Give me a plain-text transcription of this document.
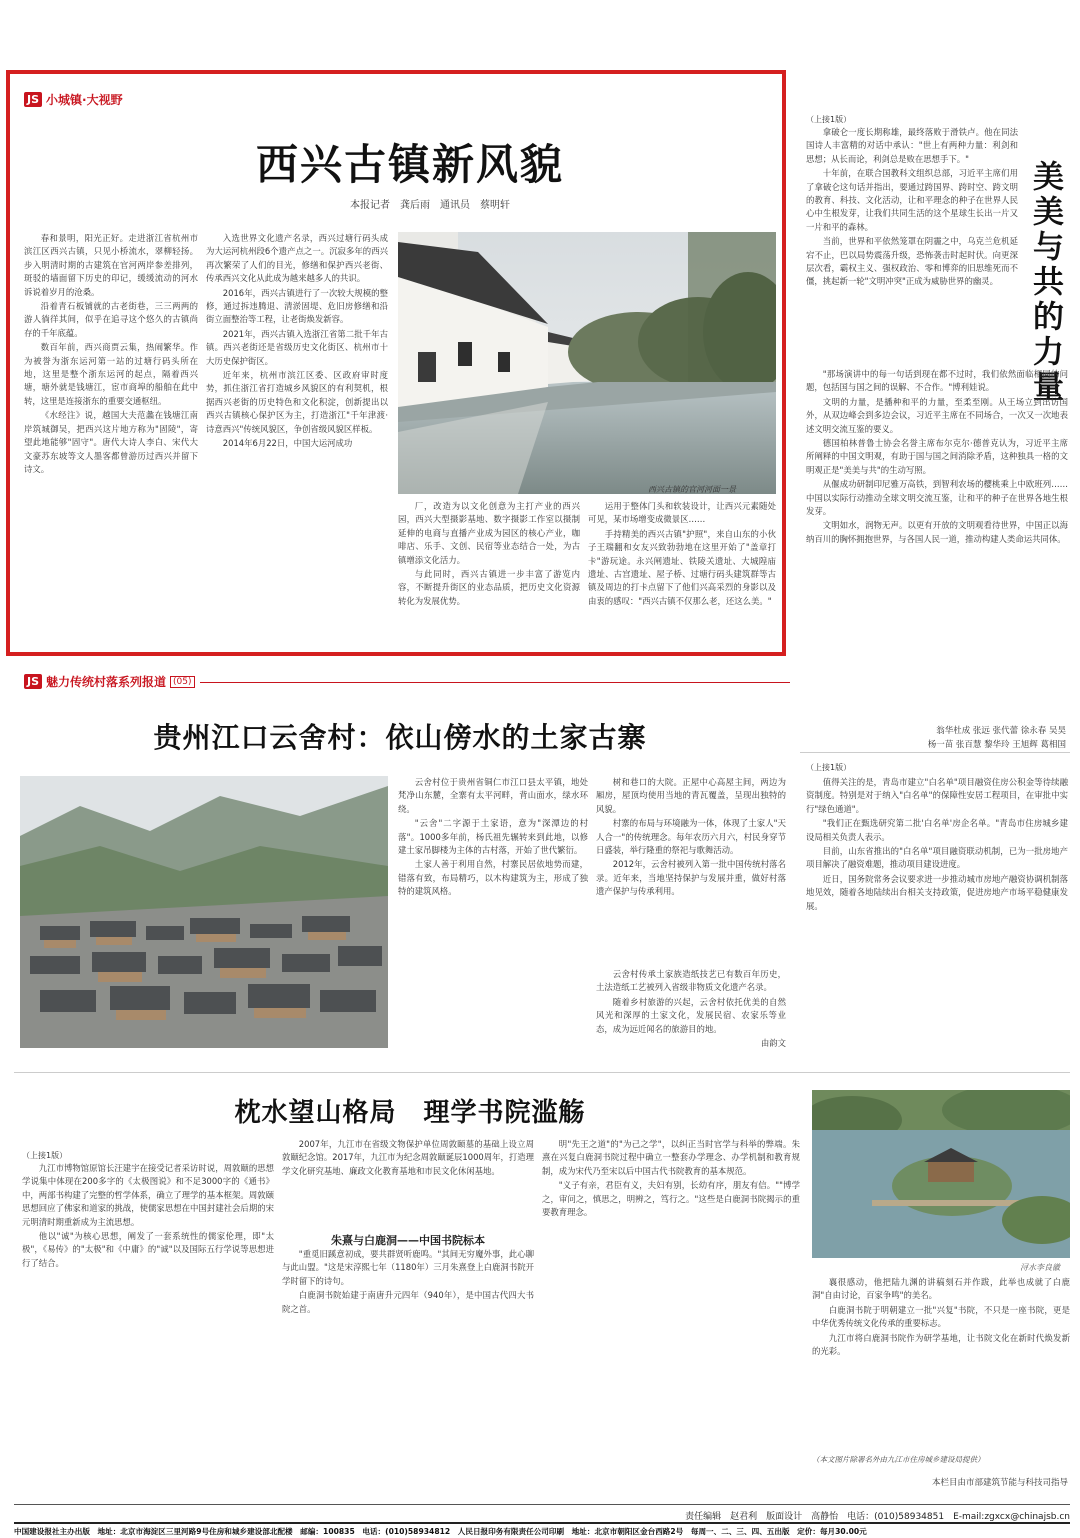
JS 小城镇·大视野
西兴古镇新风貌
本报记者　龚后雨　通讯员　蔡明轩

春和景明，阳光正好。走进浙江省杭州市滨江区西兴古镇，只见小桥流水，翠柳轻扬。步入明清时期的古建筑在官河两岸参差排列，斑驳的墙面留下历史的印记，缓缓流动的河水诉说着岁月的沧桑。

沿着青石板铺就的古老街巷，三三两两的游人徜徉其间，似乎在追寻这个悠久的古镇尚存的千年底蕴。

数百年前，西兴商贾云集，热闹繁华。作为被誉为浙东运河第一站的过塘行码头所在地，这里是整个浙东运河的起点，隔着西兴塘，塘外就是钱塘江，宦市商埠的船舶在此中转，这里是连接浙东的重要交通枢纽。

《水经注》说，越国大夫范蠡在钱塘江南岸筑城御吴，把西兴这片地方称为"固陵"，寄望此地能够"固守"。唐代大诗人李白、宋代大文豪苏东坡等文人墨客都曾游历过西兴并留下诗文。

入选世界文化遗产名录，西兴过塘行码头成为大运河杭州段6个遗产点之一。沉寂多年的西兴再次繁荣了人们的目光，修缮和保护西兴老街、传承西兴文化从此成为越来越多人的共识。

2016年，西兴古镇进行了一次较大规模的整修，通过拆违腾退、清淤固堤、危旧房修缮和沿街立面整治等工程，让老街焕发新容。

2021年，西兴古镇入选浙江省第二批千年古镇。西兴老街还是省级历史文化街区、杭州市十大历史保护街区。

近年来，杭州市滨江区委、区政府审时度势，抓住浙江省打造城乡风貌区的有利契机，根据西兴老街的历史特色和文化积淀，创新提出以西兴古镇核心保护区为主，打造浙江"千年津渡·诗意西兴"传统风貌区，争创省级风貌区样板。

2014年6月22日，中国大运河成功

西兴古镇的官河河面一景

厂，改造为以文化创意为主打产业的西兴园，西兴大型摄影基地、数字摄影工作室以摄制延伸的电商与直播产业成为园区的核心产业，咖啡店、乐手、文创、民宿等业态结合一处，为古镇增添文化活力。

与此同时，西兴古镇进一步丰富了游览内容，不断提升街区的业态品质，把历史文化资源转化为发展优势。

运用于整体门头和软装设计，让西兴元素随处可见，某市场增变成微景区……

手持精美的西兴古镇"护照"，来自山东的小伙子王瑞翻和女友兴致勃勃地在这里开始了"盖章打卡"游玩途。永兴闸遗址、铁陵关遗址、大城隍庙遗址、古宫遗址、屋子桥、过塘行码头建筑群等古镇及周边的打卡点留下了他们兴高采烈的身影以及由衷的感叹："西兴古镇不仅那么老，还这么美。"

（上接1版）
美美与共的力量

拿破仑一度长期称雄，最终落败于滑铁卢。他在同法国诗人丰富精的对话中承认："世上有两种力量：利剑和思想；从长而论，利剑总是败在思想手下。"

十年前，在联合国教科文组织总部，习近平主席们用了拿破仑这句话并指出，要通过跨国界、跨时空、跨文明的教育、科技、文化活动，让和平理念的种子在世界人民心中生根发芽，让我们共同生活的这个星球生长出一片又一片和平的森林。

当前，世界和平依然笼罩在阴霾之中，乌克兰危机延宕不止，巴以局势震荡升级，恐怖袭击时起时伏。向更深层次看，霸权主义、强权政治、零和博弈的旧思维死而不僵，挑起新一轮"文明冲突"正成为威胁世界的幽灵。

"那场演讲中的每一句话到现在都不过时，我们依然面临相同的问题，包括国与国之间的误解、不合作。"博利娃说。

文明的力量，是播种和平的力量，至柔至刚。从王场立到出访国外，从双边峰会到多边会议，习近平主席在不同场合，一次又一次地表述文明交流互鉴的要义。

德国柏林普鲁士协会名誉主席布尔克尔·德普克认为，习近平主席所阐释的中国文明观，有助于国与国之间消除矛盾，这种独具一格的文明观正是"美美与共"的生动写照。

从偃成功研制印尼雅万高铁，到智利农场的樱桃乘上中欧班列……中国以实际行动推动全球文明交流互鉴，让和平的种子在世界各地生根发芽。

文明如水，润物无声。以更有开放的文明观看待世界，中国正以海纳百川的胸怀拥抱世界，与各国人民一道，推动构建人类命运共同体。

翁华杜成 张远 张代蕾 徐永春 吴昊
杨一苗 张百慧 黎华玲 王旭辉 葛相国
JS 魅力传统村落系列报道 (05)
贵州江口云舍村：依山傍水的土家古寨

云舍村位于贵州省铜仁市江口县太平镇，地处梵净山东麓，全寨有太平河畔，背山面水，绿水环绕。

"云舍"二字源于土家语，意为"深潭边的村落"。1000多年前，杨氏祖先辗转来到此地，以修建土家吊脚楼为主体的古村落，开始了世代繁衍。

土家人善于利用自然，村寨民居依地势而建，错落有致，布局精巧，以木构建筑为主，形成了独特的建筑风格。

树和巷口的大院。正屋中心高屋主间，两边为厢房，屋顶均使用当地的青瓦覆盖，呈现出独特的风貌。

村寨的布局与环境融为一体，体现了土家人"天人合一"的传统理念。每年农历六月六，村民身穿节日盛装，举行隆重的祭祀与歌舞活动。

2012年，云舍村被列入第一批中国传统村落名录。近年来，当地坚持保护与发展并重，做好村落遗产保护与传承利用。

云舍村传承土家族造纸技艺已有数百年历史，土法造纸工艺被列入省级非物质文化遗产名录。

随着乡村旅游的兴起，云舍村依托优美的自然风光和深厚的土家文化，发展民宿、农家乐等业态，成为远近闻名的旅游目的地。

由韵文

（上接1版）

值得关注的是，青岛市建立"白名单"项目融资住房公积金等待续融资制度。特别是对于纳入"白名单"的保障性安居工程项目，在审批中实行"绿色通道"。

"我们正在甄选研究第二批'白名单'房企名单。"青岛市住房城乡建设局相关负责人表示。

目前，山东省推出的"白名单"项目融资联动机制，已为一批房地产项目解决了融资难题，推动项目建设进度。

近日，国务院常务会议要求进一步推动城市房地产融资协调机制落地见效，随着各地陆续出台相关支持政策，促进房地产市场平稳健康发展。

枕水望山格局　理学书院滥觞
（上接1版）

九江市博物馆原馆长汪建宇在接受记者采访时说，周敦颐的思想学说集中体现在200多字的《太极图说》和不足3000字的《通书》中，两部书构建了完整的哲学体系，确立了理学的基本框架。周敦颐思想回应了佛家和道家的挑战，使儒家思想在中国封建社会后期的宋元明清时期重新成为主流思想。

他以"诚"为核心思想，阐发了一套系统性的儒家伦理，即"太极"，《易传》的"太极"和《中庸》的"诚"以及国际五行学说等思想进行了结合。

2007年，九江市在省级文物保护单位周敦颐墓的基础上设立周敦颐纪念馆。2017年，九江市为纪念周敦颐诞辰1000周年，打造理学文化研究基地、廉政文化教育基地和市民文化休闲基地。

朱熹与白鹿洞——中国书院标本

"重觅旧蹊意初成，要共群贤听鹿鸣。"其间无穷魔外事，此心聊与此山盟。"这是宋淳熙七年（1180年）三月朱熹登上白鹿洞书院开学时留下的诗句。

白鹿洞书院始建于南唐升元四年（940年），是中国古代四大书院之首。

明"先王之道"的"为己之学"，以纠正当时官学与科举的弊端。朱熹在兴复白鹿洞书院过程中确立一整套办学理念、办学机制和教育规制，成为宋代乃至宋以后中国古代书院教育的基本规范。

"义子有亲，君臣有义，夫妇有别，长幼有序，朋友有信。""博学之，审问之，慎思之，明辨之，笃行之。"这些是白鹿洞书院揭示的重要教育理念。

浔水李良徽

襄很感动，他把陆九渊的讲稿刻石并作跋，此举也成就了白鹿洞"自由讨论，百家争鸣"的美名。

白鹿洞书院于明朝建立一批"兴复"书院，不只是一座书院，更是中华优秀传统文化传承的重要标志。

九江市将白鹿洞书院作为研学基地，让书院文化在新时代焕发新的光彩。

（本文图片除署名外由九江市住房城乡建设局提供）
本栏目由市部建筑节能与科技司指导
责任编辑　赵君利　版面设计　高静怡　电话：(010)58934851　E-mail:zgxcx@chinajsb.cn
中国建设报社主办出版　地址：北京市海淀区三里河路9号住房和城乡建设部北配楼　邮编：100835　电话：(010)58934812　人民日报印务有限责任公司印刷　地址：北京市朝阳区金台西路2号　每周一、二、三、四、五出版　定价：每月30.00元
